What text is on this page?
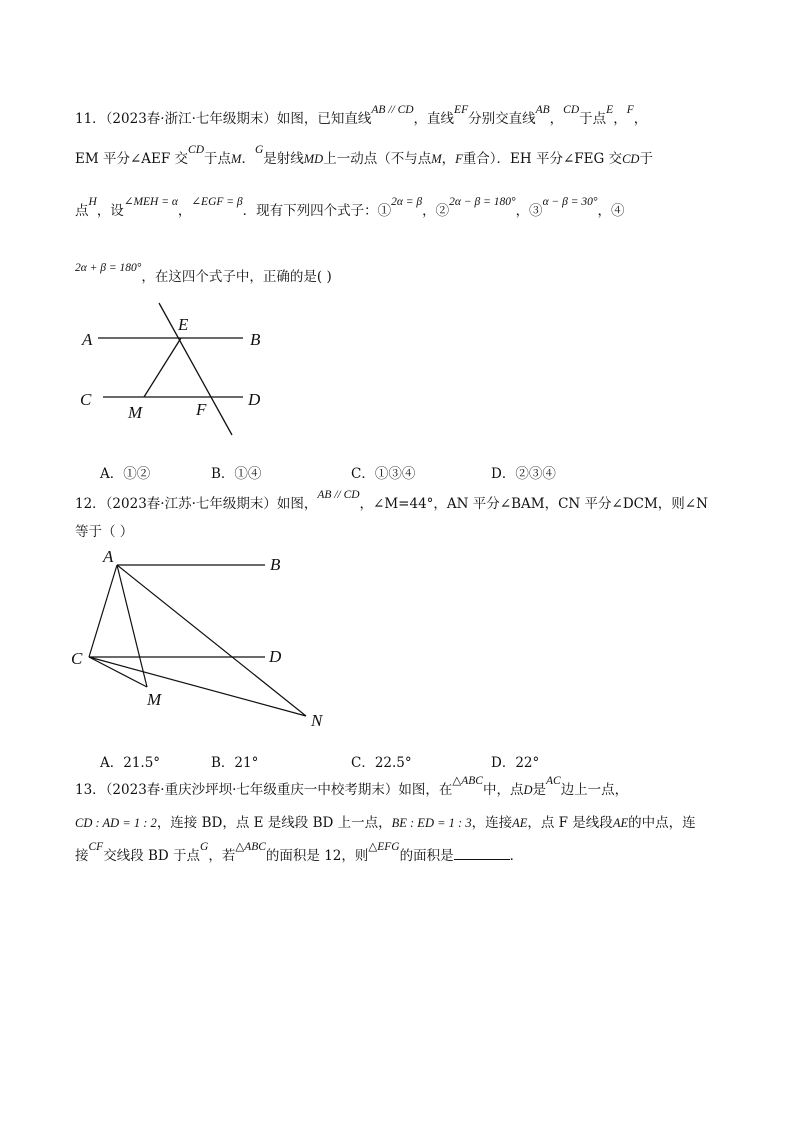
11．（2023春·浙江·七年级期末）如图，已知直线AB // CD，直线EF分别交直线AB，CD于点E，F，
EM 平分∠AEF 交CD于点M．G是射线MD上一动点（不与点M，F重合）．EH 平分∠FEG 交CD于
点H，设∠MEH = α，∠EGF = β．现有下列四个式子：①2α = β，②2α − β = 180°，③α − β = 30°，④
2α + β = 180°，在这四个式子中，正确的是( )
A	B
E
C	D
M	F
A．①②	B．①④	C．①③④	D．②③④
12．（2023春·江苏·七年级期末）如图，AB // CD，∠M=44°，AN 平分∠BAM，CN 平分∠DCM，则∠N
等于（ ）
A	B
C	D
M
N
A．21.5°	B．21°	C．22.5°	D．22°
13．（2023春·重庆沙坪坝·七年级重庆一中校考期末）如图，在△ABC中，点D是AC边上一点，
CD : AD = 1 : 2，连接 BD，点 E 是线段 BD 上一点，BE : ED = 1 : 3，连接AE，点 F 是线段AE的中点，连
接CF交线段 BD 于点G，若△ABC的面积是 12，则△EFG的面积是	．
